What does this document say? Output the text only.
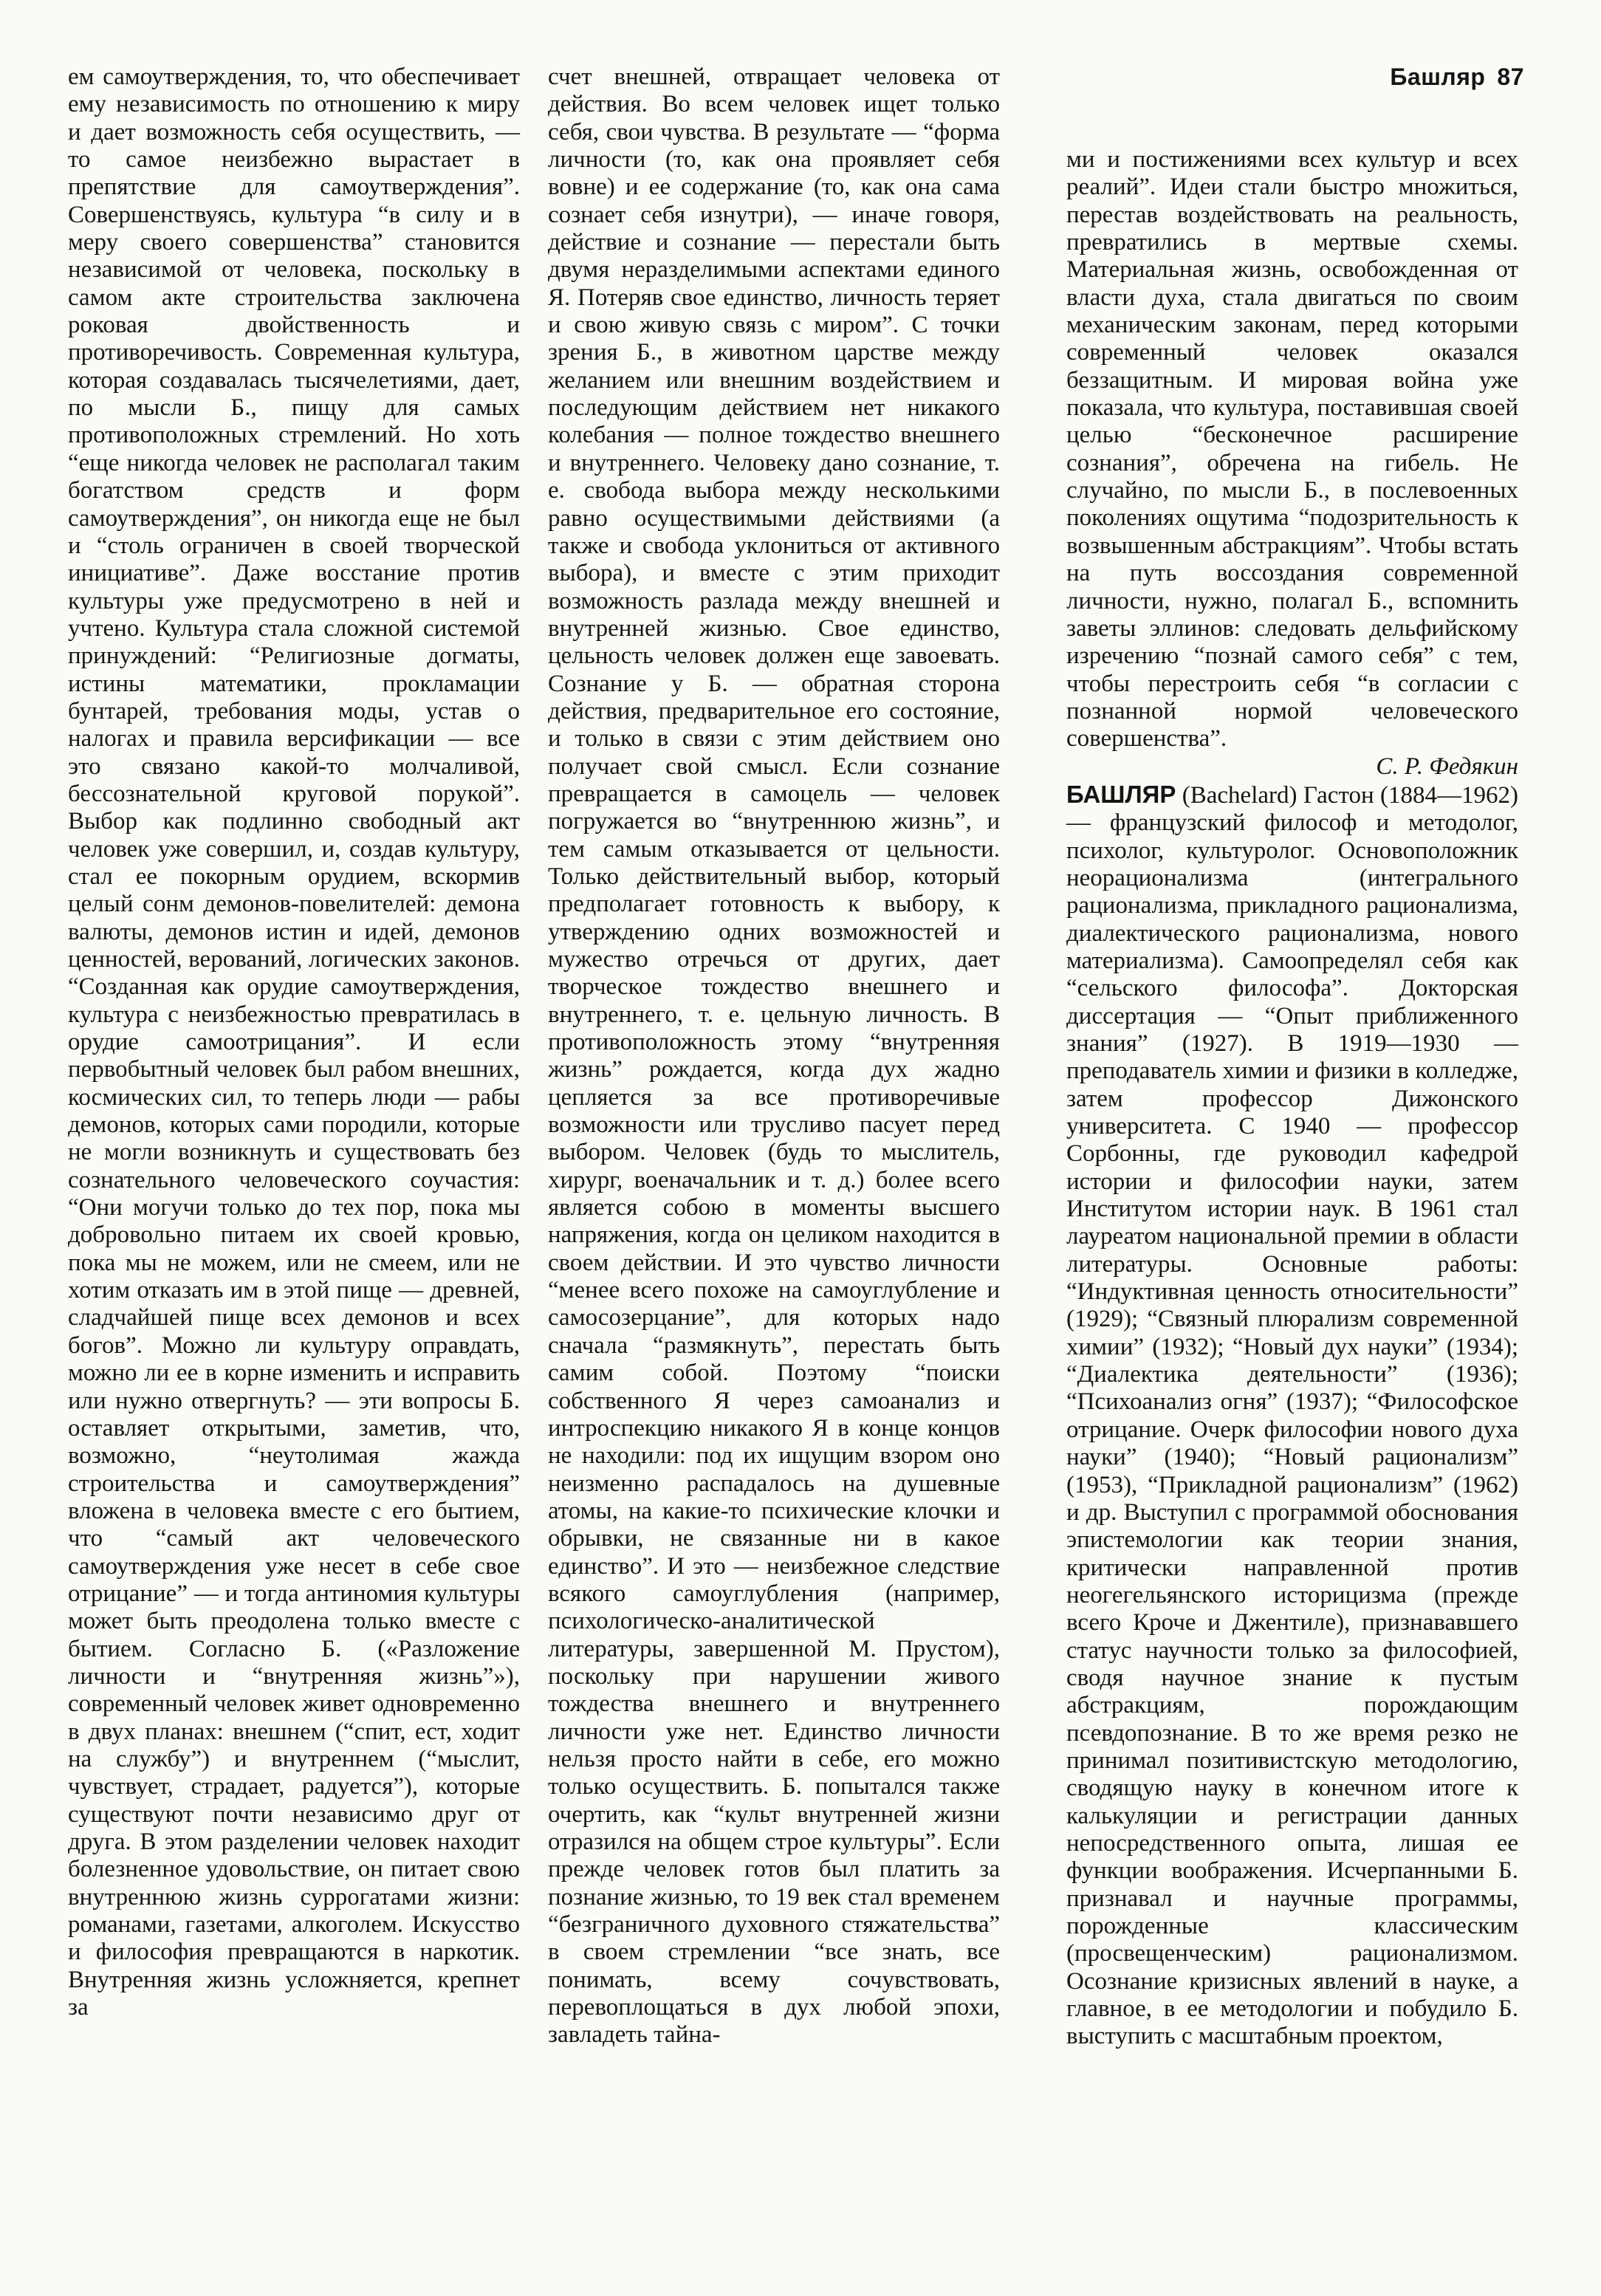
Башляр 87

ем самоутверждения, то, что обеспечивает ему независимость по отношению к миру и дает возможность себя осуществить, — то самое неизбежно вырастает в препятствие для самоутверждения”. Совершенствуясь, культура “в силу и в меру своего совершенства” становится независимой от человека, поскольку в самом акте строительства заключена роковая двойственность и противоречивость. Современная культура, которая создавалась тысячелетиями, дает, по мысли Б., пищу для самых противоположных стремлений. Но хоть “еще никогда человек не располагал таким богатством средств и форм самоутверждения”, он никогда еще не был и “столь ограничен в своей творческой инициативе”. Даже восстание против культуры уже предусмотрено в ней и учтено. Культура стала сложной системой принуждений: “Религиозные догматы, истины математики, прокламации бунтарей, требования моды, устав о налогах и правила версификации — все это связано какой-то молчаливой, бессознательной круговой порукой”. Выбор как подлинно свободный акт человек уже совершил, и, создав культуру, стал ее покорным орудием, вскормив целый сонм демонов-повелителей: демона валюты, демонов истин и идей, демонов ценностей, верований, логических законов. “Созданная как орудие самоутверждения, культура с неизбежностью превратилась в орудие самоотрицания”. И если первобытный человек был рабом внешних, космических сил, то теперь люди — рабы демонов, которых сами породили, которые не могли возникнуть и существовать без сознательного человеческого соучастия: “Они могучи только до тех пор, пока мы добровольно питаем их своей кровью, пока мы не можем, или не смеем, или не хотим отказать им в этой пище — древней, сладчайшей пище всех демонов и всех богов”. Можно ли культуру оправдать, можно ли ее в корне изменить и исправить или нужно отвергнуть? — эти вопросы Б. оставляет открытыми, заметив, что, возможно, “неутолимая жажда строительства и самоутверждения” вложена в человека вместе с его бытием, что “самый акт человеческого самоутверждения уже несет в себе свое отрицание” — и тогда антиномия культуры может быть преодолена только вместе с бытием. Согласно Б. («Разложение личности и “внутренняя жизнь”»), современный человек живет одновременно в двух планах: внешнем (“спит, ест, ходит на службу”) и внутреннем (“мыслит, чувствует, страдает, радуется”), которые существуют почти независимо друг от друга. В этом разделении человек находит болезненное удовольствие, он питает свою внутреннюю жизнь суррогатами жизни: романами, газетами, алкоголем. Искусство и философия превращаются в наркотик. Внутренняя жизнь усложняется, крепнет за

счет внешней, отвращает человека от действия. Во всем человек ищет только себя, свои чувства. В результате — “форма личности (то, как она проявляет себя вовне) и ее содержание (то, как она сама сознает себя изнутри), — иначе говоря, действие и сознание — перестали быть двумя неразделимыми аспектами единого Я. Потеряв свое единство, личность теряет и свою живую связь с миром”. С точки зрения Б., в животном царстве между желанием или внешним воздействием и последующим действием нет никакого колебания — полное тождество внешнего и внутреннего. Человеку дано сознание, т. е. свобода выбора между несколькими равно осуществимыми действиями (а также и свобода уклониться от активного выбора), и вместе с этим приходит возможность разлада между внешней и внутренней жизнью. Свое единство, цельность человек должен еще завоевать. Сознание у Б. — обратная сторона действия, предварительное его состояние, и только в связи с этим действием оно получает свой смысл. Если сознание превращается в самоцель — человек погружается во “внутреннюю жизнь”, и тем самым отказывается от цельности. Только действительный выбор, который предполагает готовность к выбору, к утверждению одних возможностей и мужество отречься от других, дает творческое тождество внешнего и внутреннего, т. е. цельную личность. В противоположность этому “внутренняя жизнь” рождается, когда дух жадно цепляется за все противоречивые возможности или трусливо пасует перед выбором. Человек (будь то мыслитель, хирург, военачальник и т. д.) более всего является собою в моменты высшего напряжения, когда он целиком находится в своем действии. И это чувство личности “менее всего похоже на самоуглубление и самосозерцание”, для которых надо сначала “размякнуть”, перестать быть самим собой. Поэтому “поиски собственного Я через самоанализ и интроспекцию никакого Я в конце концов не находили: под их ищущим взором оно неизменно распадалось на душевные атомы, на какие-то психические клочки и обрывки, не связанные ни в какое единство”. И это — неизбежное следствие всякого самоуглубления (например, психологическо-аналитической литературы, завершенной М. Прустом), поскольку при нарушении живого тождества внешнего и внутреннего личности уже нет. Единство личности нельзя просто найти в себе, его можно только осуществить. Б. попытался также очертить, как “культ внутренней жизни отразился на общем строе культуры”. Если прежде человек готов был платить за познание жизнью, то 19 век стал временем “безграничного духовного стяжательства” в своем стремлении “все знать, все понимать, всему сочувствовать, перевоплощаться в дух любой эпохи, завладеть тайна-

ми и постижениями всех культур и всех реалий”. Идеи стали быстро множиться, перестав воздействовать на реальность, превратились в мертвые схемы. Материальная жизнь, освобожденная от власти духа, стала двигаться по своим механическим законам, перед которыми современный человек оказался беззащитным. И мировая война уже показала, что культура, поставившая своей целью “бесконечное расширение сознания”, обречена на гибель. Не случайно, по мысли Б., в послевоенных поколениях ощутима “подозрительность к возвышенным абстракциям”. Чтобы встать на путь воссоздания современной личности, нужно, полагал Б., вспомнить заветы эллинов: следовать дельфийскому изречению “познай самого себя” с тем, чтобы перестроить себя “в согласии с познанной нормой человеческого совершенства”.

С. Р. Федякин

БАШЛЯР (Bachelard) Гастон (1884—1962) — французский философ и методолог, психолог, культуролог. Основоположник неорационализма (интегрального рационализма, прикладного рационализма, диалектического рационализма, нового материализма). Самоопределял себя как “сельского философа”. Докторская диссертация — “Опыт приближенного знания” (1927). В 1919—1930 — преподаватель химии и физики в колледже, затем профессор Дижонского университета. С 1940 — профессор Сорбонны, где руководил кафедрой истории и философии науки, затем Институтом истории наук. В 1961 стал лауреатом национальной премии в области литературы. Основные работы: “Индуктивная ценность относительности” (1929); “Связный плюрализм современной химии” (1932); “Новый дух науки” (1934); “Диалектика деятельности” (1936); “Психоанализ огня” (1937); “Философское отрицание. Очерк философии нового духа науки” (1940); “Новый рационализм” (1953), “Прикладной рационализм” (1962) и др. Выступил с программой обоснования эпистемологии как теории знания, критически направленной против неогегельянского историцизма (прежде всего Кроче и Джентиле), признававшего статус научности только за философией, сводя научное знание к пустым абстракциям, порождающим псевдопознание. В то же время резко не принимал позитивистскую методологию, сводящую науку в конечном итоге к калькуляции и регистрации данных непосредственного опыта, лишая ее функции воображения. Исчерпанными Б. признавал и научные программы, порожденные классическим (просвещенческим) рационализмом. Осознание кризисных явлений в науке, а главное, в ее методологии и побудило Б. выступить с масштабным проектом,
